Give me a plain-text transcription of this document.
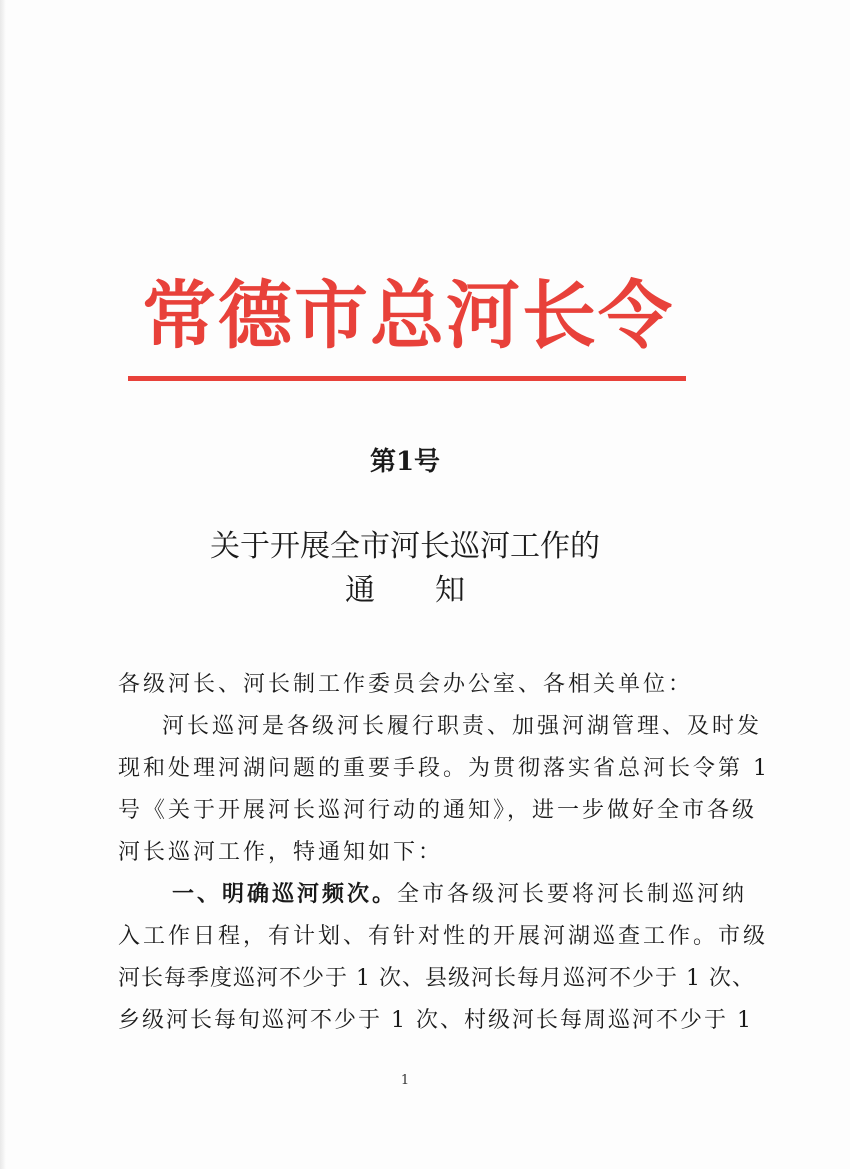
常德市总河长令
第1号
关于开展全市河长巡河工作的
通 知
各级河长、河长制工作委员会办公室、各相关单位：
河长巡河是各级河长履行职责、加强河湖管理、及时发
现和处理河湖问题的重要手段。为贯彻落实省总河长令第 1
号《关于开展河长巡河行动的通知》，进一步做好全市各级
河长巡河工作，特通知如下：
一、明确巡河频次。全市各级河长要将河长制巡河纳
入工作日程，有计划、有针对性的开展河湖巡查工作。市级
河长每季度巡河不少于 1 次、县级河长每月巡河不少于 1 次、
乡级河长每旬巡河不少于 1 次、村级河长每周巡河不少于 1
1
